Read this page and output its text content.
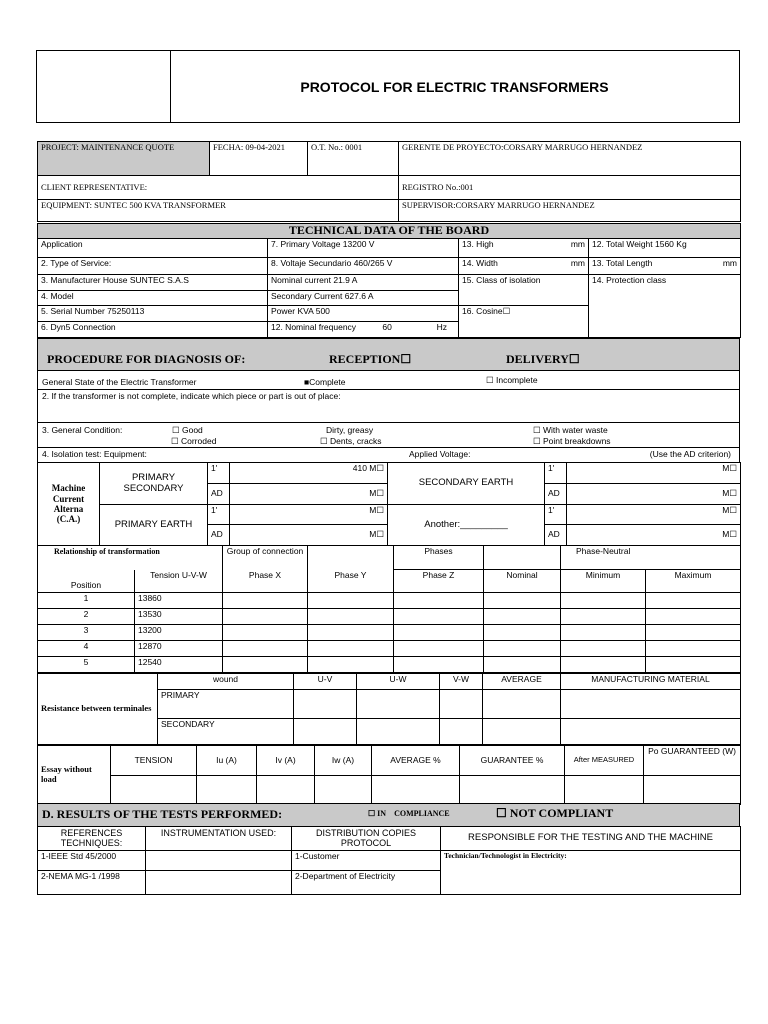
PROTOCOL FOR ELECTRIC TRANSFORMERS
PROJECT: MAINTENANCE QUOTE	FECHA: 09-04-2021	O.T. No.: 0001	GERENTE DE PROYECTO:CORSARY MARRUGO HERNANDEZ
CLIENT REPRESENTATIVE:			REGISTRO No.:001
EQUIPMENT: SUNTEC 500 KVA TRANSFORMER			SUPERVISOR:CORSARY MARRUGO HERNANDEZ
TECHNICAL DATA OF THE BOARD			
Application	7. Primary Voltage 13200 V	13. High mm	12. Total Weight 1560 Kg
2. Type of Service:	8. Voltaje Secundario 460/265 V	14. Width mm	13. Total Length mm

3. Manufacturer House SUNTEC S.A.S	Nominal current 21.9 A	15. Class of isolation	14. Protection class
4. Model	Secondary Current 627.6 A		
5. Serial Number 75250113	Power KVA 500	16. Cosine☐	
6. Dyn5 Connection	12. Nominal frequency 60 Hz		
PROCEDURE FOR DIAGNOSIS OF:	RECEPTION☐	DELIVERY☐
General State of the Electric Transformer	■Complete	☐ Incomplete
2. If the transformer is not complete, indicate which piece or part is out of place:
3. General Condition:	☐ Good
☐ Corroded
Dirty, greasy
☐ Dents, cracks
☐ With water waste
☐ Point breakdowns
4. Isolation test: Equipment:	Applied Voltage:	(Use the AD criterion)
Machine Current Alterna (C.A.)	PRIMARY SECONDARY	1'	410 M☐	SECONDARY EARTH	1'	M☐
		AD	M☐		AD	M☐
	PRIMARY EARTH	1'	M☐	Another:_________	1'	M☐
		AD	M☐		AD	M☐
Relationship of transformation		Group of connection		Phases		Phase-Neutral	
Position	Tension U-V-W	Phase X	Phase Y	Phase Z	Nominal	Minimum	Maximum
1	13860						
2	13530						
3	13200						
4	12870						
5	12540						
Resistance between terminales	wound	U-V	U-W	V-W	AVERAGE	MANUFACTURING MATERIAL
	PRIMARY					
	SECONDARY					
Essay without load	TENSION	Iu (A)	Iv (A)	Iw (A)	AVERAGE %	GUARANTEE %	After MEASURED	Po GUARANTEED (W)

D. RESULTS OF THE TESTS PERFORMED:	☐ IN COMPLIANCE	☐ NOT COMPLIANT
REFERENCES TECHNIQUES:	INSTRUMENTATION USED:	DISTRIBUTION COPIES PROTOCOL	RESPONSIBLE FOR THE TESTING AND THE MACHINE
1-IEEE Std 45/2000		1-Customer	Technician/Technologist in Electricity:
2-NEMA MG-1 /1998		2-Department of Electricity	
